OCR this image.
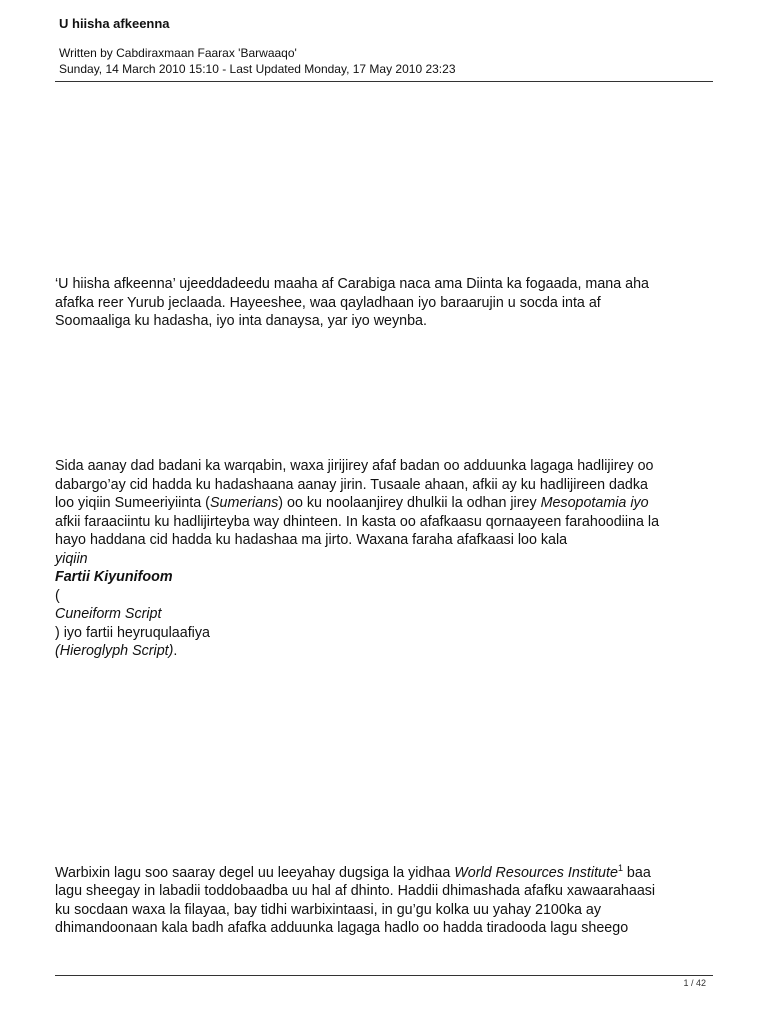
U hiisha afkeenna
Written by Cabdiraxmaan Faarax 'Barwaaqo'
Sunday, 14 March 2010 15:10 - Last Updated Monday, 17 May 2010 23:23
‘U hiisha afkeenna’ ujeeddadeedu maaha af Carabiga naca ama Diinta ka fogaada, mana aha
afafka reer Yurub jeclaada. Hayeeshee, waa qayladhaan iyo baraarujin u socda inta af
Soomaaliga ku hadasha, iyo inta danaysa, yar iyo weynba.
Sida aanay dad badani ka warqabin, waxa jirijirey afaf badan oo adduunka lagaga hadlijirey oo
dabargo’ay cid hadda ku hadashaana aanay jirin. Tusaale ahaan, afkii ay ku hadlijireen dadka
loo yiqiin Sumeeriyiinta (Sumerians) oo ku noolaanjirey dhulkii la odhan jirey Mesopotamia iyo
afkii faraaciintu ku hadlijirteyba way dhinteen. In kasta oo afafkaasu qornaayeen farahoodiina la
hayo haddana cid hadda ku hadashaa ma jirto. Waxana faraha afafkaasi loo kala
yiqiin
Fartii Kiyunifoom
(
Cuneiform Script
) iyo fartii heyruqulaafiya
(Hieroglyph Script).
Warbixin lagu soo saaray degel uu leeyahay dugsiga la yidhaa World Resources Institute$^1$ baa
lagu sheegay in labadii toddobaadba uu hal af dhinto. Haddii dhimashada afafku xawaarahaasi
ku socdaan waxa la filayaa, bay tidhi warbixintaasi, in gu’gu kolka uu yahay 2100ka ay
dhimandoonaan kala badh afafka adduunka lagaga hadlo oo hadda tiradooda lagu sheego
1 / 42
